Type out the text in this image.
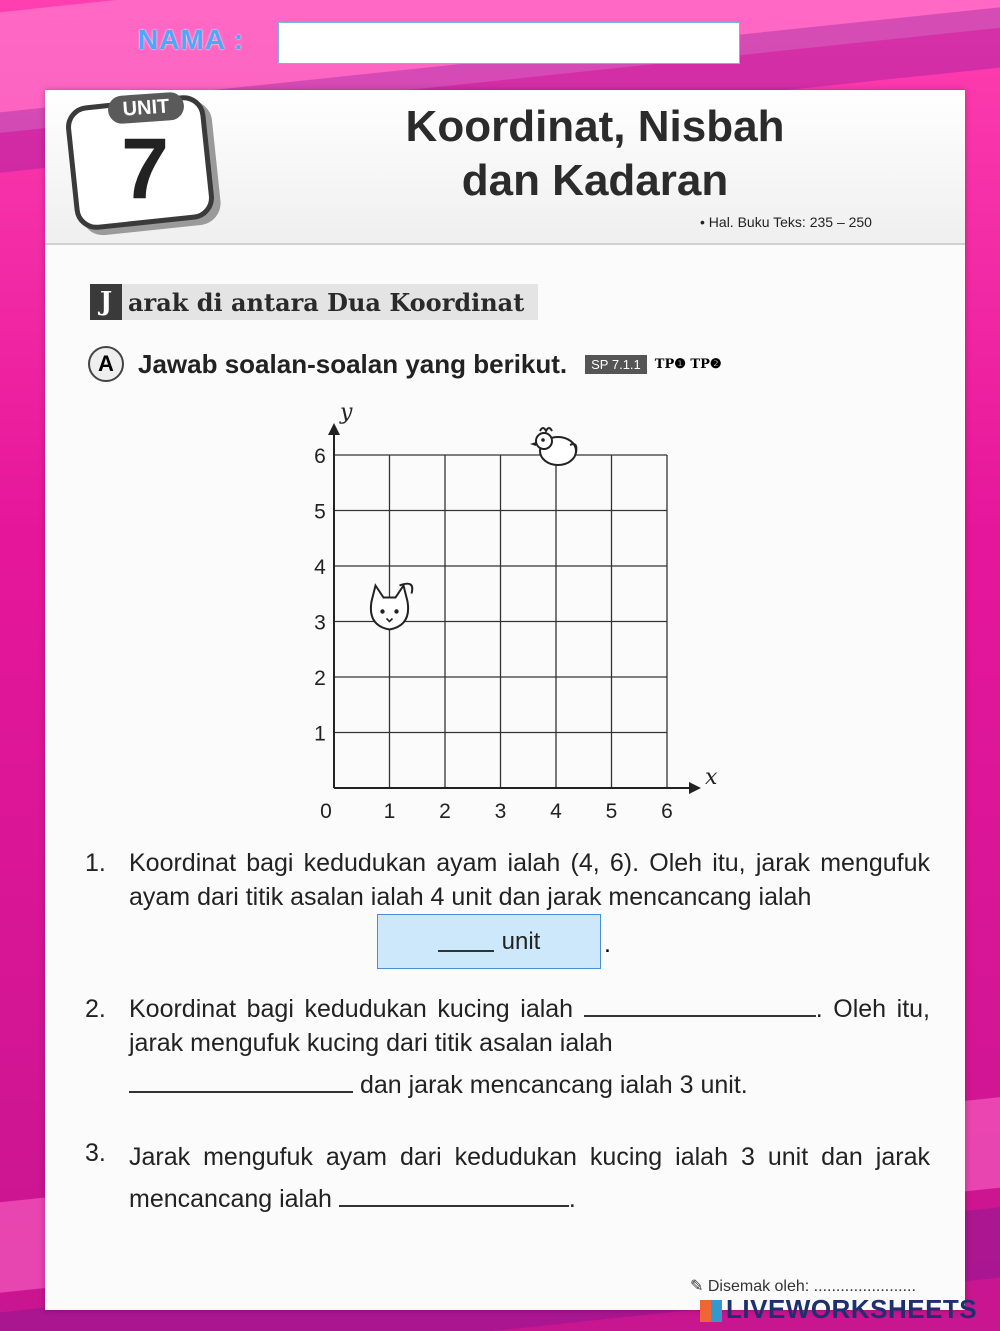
NAMA :
UNIT
7	Koordinat, Nisbah
dan Kadaran
• Hal. Buku Teks: 235 – 250
J arak di antara Dua Koordinat
A Jawab soalan-soalan yang berikut.	SP 7.1.1	TP❶ TP❷
0 1 2 3 4 5 6
1
2
3
4
5
6
x
y
1. Koordinat bagi kedudukan ayam ialah (4, 6). Oleh itu, jarak mengufuk ayam dari titik asalan ialah 4 unit dan jarak mencancang ialah
unit	.
2. Koordinat bagi kedudukan kucing ialah	. Oleh itu, jarak mengufuk kucing dari titik asalan ialah
dan jarak mencancang ialah 3 unit.
3. Jarak mengufuk ayam dari kedudukan kucing ialah 3 unit dan jarak mencancang ialah	.
✎ Disemak oleh: .......................
LIVEWORKSHEETS
